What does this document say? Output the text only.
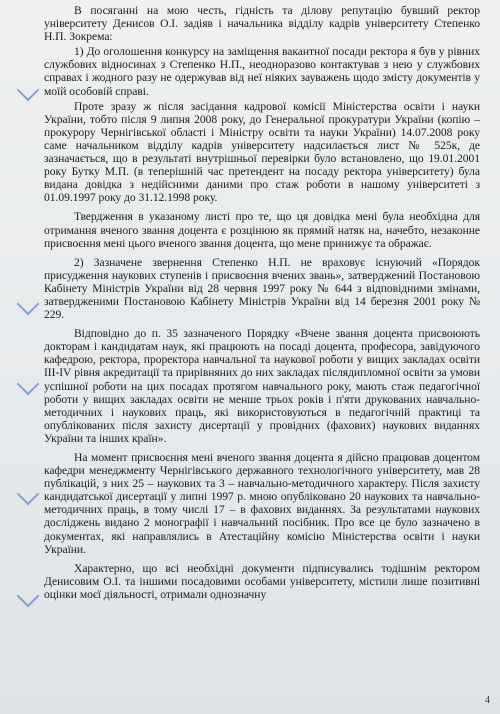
В посяганні на мою честь, гідність та ділову репутацію бувший ректор університету Денисов О.І. задіяв і начальника відділу кадрів університету Степенко Н.П. Зокрема:

1) До оголошення конкурсу на заміщення вакантної посади ректора я був у рівних службових відносинах з Степенко Н.П., неодноразово контактував з нею у службових справах і жодного разу не одержував від неї ніяких зауважень щодо змісту документів у моїй особовій справі.

Проте зразу ж після засідання кадрової комісії Міністерства освіти і науки України, тобто після 9 липня 2008 року, до Генеральної прокуратури України (копію – прокурору Чернігівської області і Міністру освіти та науки України) 14.07.2008 року саме начальником відділу кадрів університету надсилається лист № 525к, де зазначається, що в результаті внутрішньої перевірки було встановлено, що 19.01.2001 року Бутку М.П. (в теперішній час претендент на посаду ректора університету) була видана довідка з недійсними даними про стаж роботи в нашому університеті з 01.09.1997 року до 31.12.1998 року.

Твердження в указаному листі про те, що ця довідка мені була необхідна для отримання вченого звання доцента є розцінюю як прямий натяк на, начебто, незаконне присвоєння мені цього вченого звання доцента, що мене принижує та ображає.

2) Зазначене звернення Степенко Н.П. не враховує існуючий «Порядок присудження наукових ступенів і присвоєння вчених звань», затверджений Постановою Кабінету Міністрів України від 28 червня 1997 року № 644 з відповідними змінами, затвердженими Постановою Кабінету Міністрів України від 14 березня 2001 року № 229.

Відповідно до п. 35 зазначеного Порядку «Вчене звання доцента присвоюють докторам і кандидатам наук, які працюють на посаді доцента, професора, завідуючого кафедрою, ректора, проректора навчальної та наукової роботи у вищих закладах освіти III-IV рівня акредитації та прирівняних до них закладах післядипломної освіти за умови успішної роботи на цих посадах протягом навчального року, мають стаж педагогічної роботи у вищих закладах освіти не менше трьох років і п'яти друкованих навчально-методичних і наукових праць, які використовуються в педагогічній практиці та опублікованих після захисту дисертації у провідних (фахових) наукових виданнях України та інших країн».

На момент присвоєння мені вченого звання доцента я дійсно працював доцентом кафедри менеджменту Чернігівського державного технологічного університету, мав 28 публікацій, з них 25 – наукових та 3 – навчально-методичного характеру. Після захисту кандидатської дисертації у липні 1997 р. мною опубліковано 20 наукових та навчально-методичних праць, в тому числі 17 – в фахових виданнях. За результатами наукових досліджень видано 2 монографії і навчальний посібник. Про все це було зазначено в документах, які направлялись в Атестаційну комісію Міністерства освіти і науки України.

Характерно, що всі необхідні документи підписувались тодішнім ректором Денисовим О.І. та іншими посадовими особами університету, містили лише позитивні оцінки моєї діяльності, отримали однозначну

4
